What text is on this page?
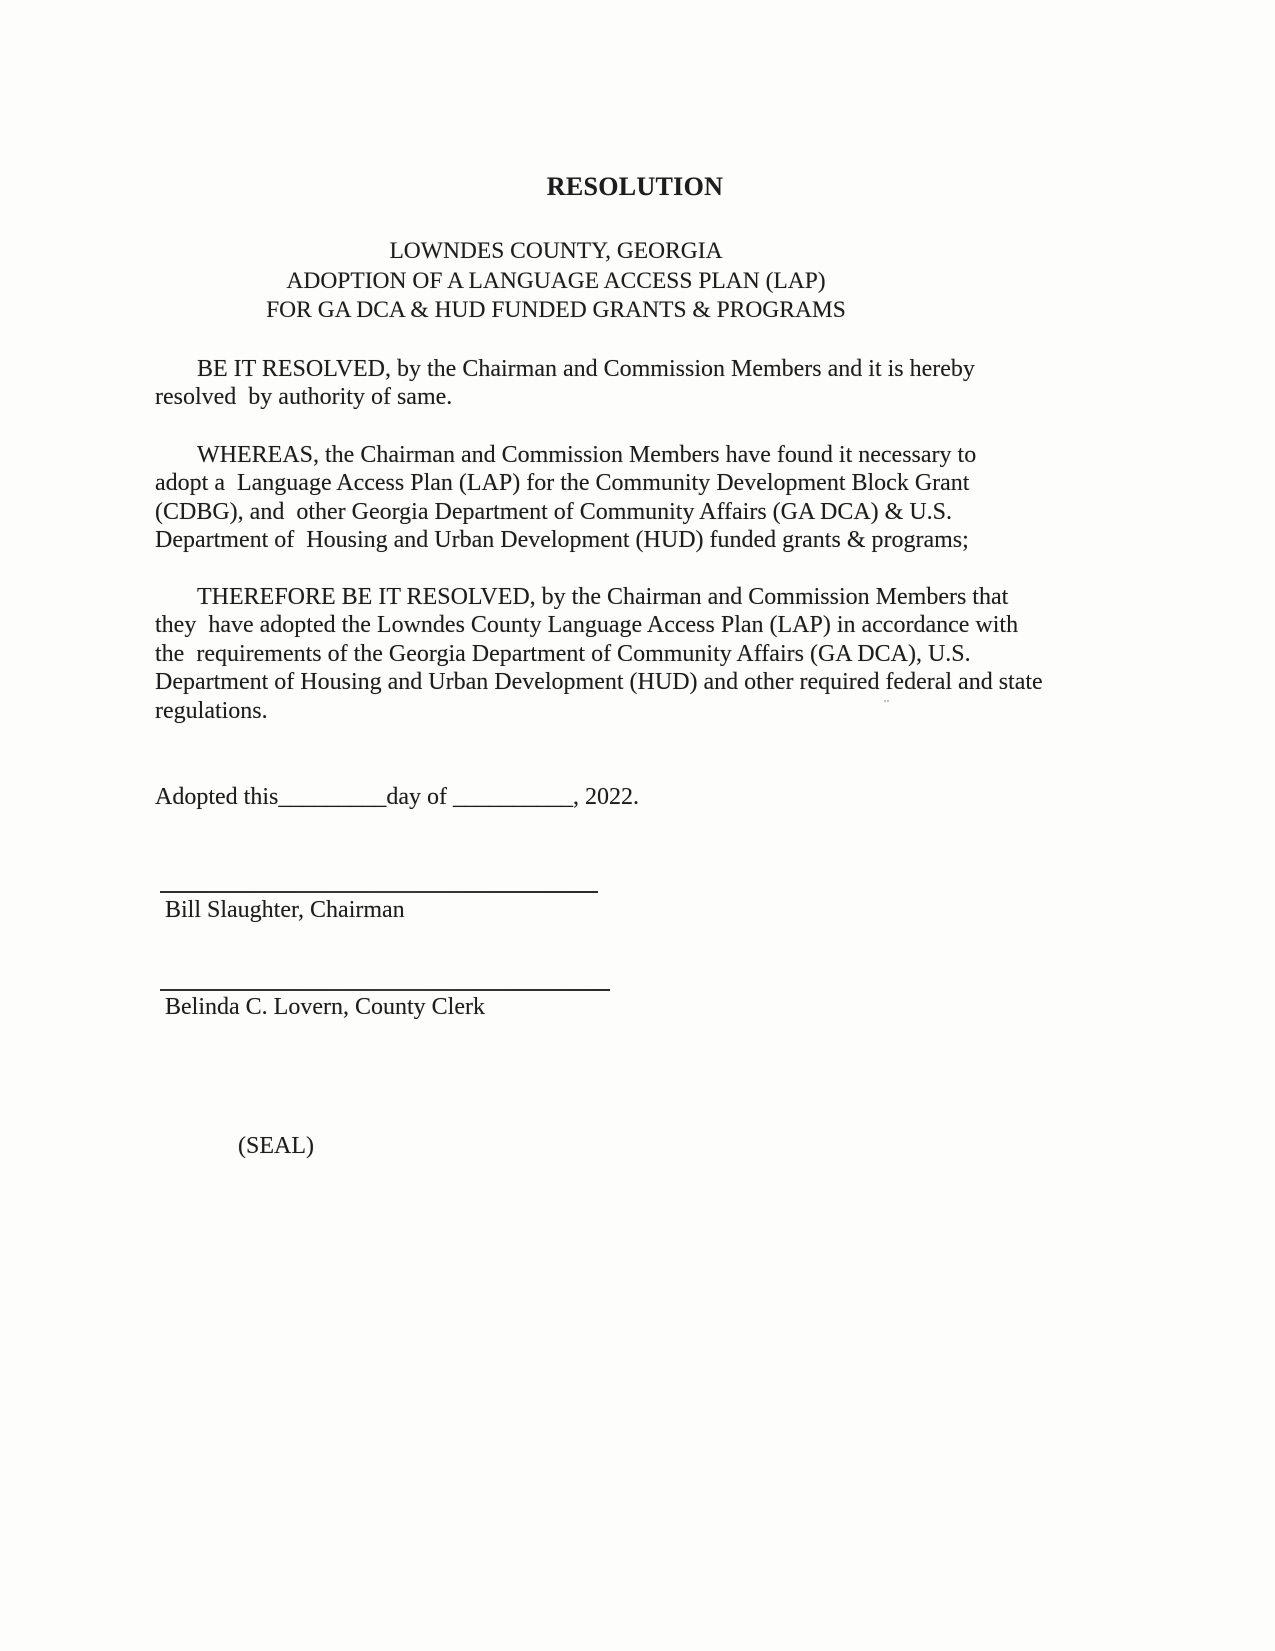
RESOLUTION
LOWNDES COUNTY, GEORGIA
ADOPTION OF A LANGUAGE ACCESS PLAN (LAP)
FOR GA DCA & HUD FUNDED GRANTS & PROGRAMS
BE IT RESOLVED, by the Chairman and Commission Members and it is hereby
resolved  by authority of same.
WHEREAS, the Chairman and Commission Members have found it necessary to
adopt a  Language Access Plan (LAP) for the Community Development Block Grant
(CDBG), and  other Georgia Department of Community Affairs (GA DCA) & U.S.
Department of  Housing and Urban Development (HUD) funded grants & programs;
THEREFORE BE IT RESOLVED, by the Chairman and Commission Members that
they  have adopted the Lowndes County Language Access Plan (LAP) in accordance with
the  requirements of the Georgia Department of Community Affairs (GA DCA), U.S.
Department of Housing and Urban Development (HUD) and other required federal and state
regulations.
Adopted this_________day of __________, 2022.
Bill Slaughter, Chairman
Belinda C. Lovern, County Clerk
(SEAL)
''
